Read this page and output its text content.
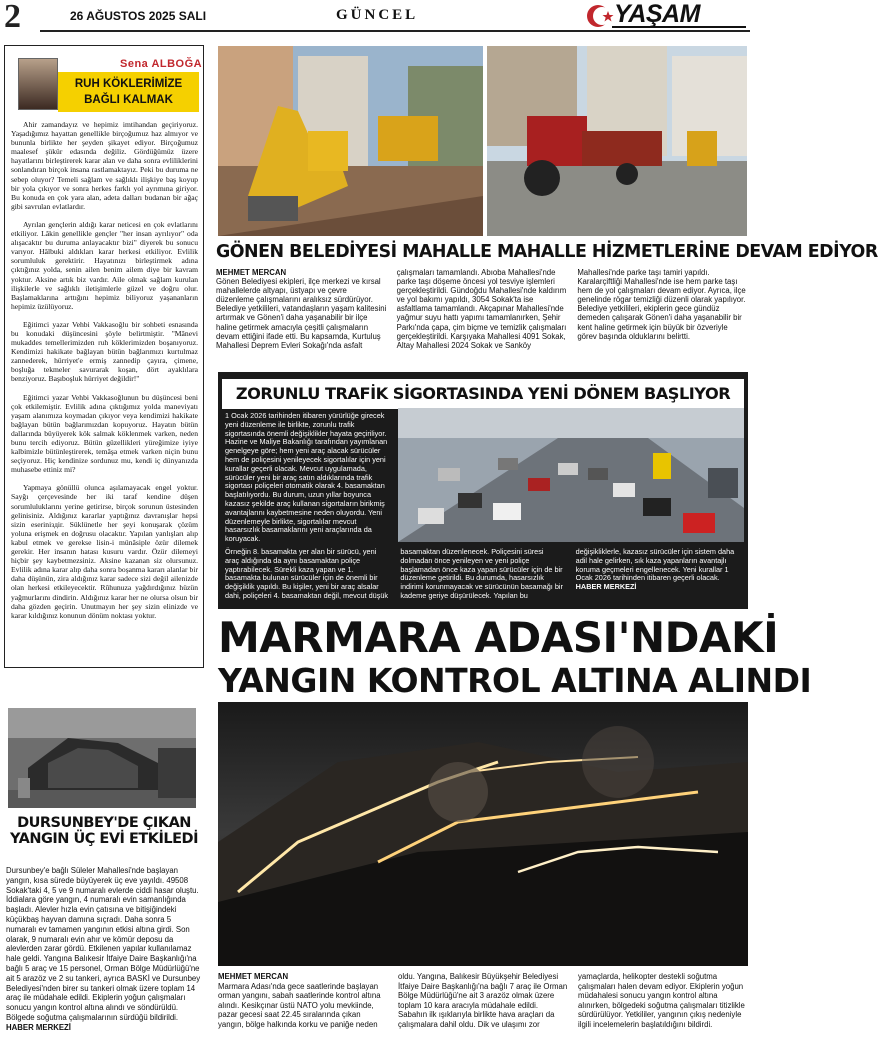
2	26 AĞUSTOS 2025 SALI	GÜNCEL	YAŞAM
Sena ALBOĞA
RUH KÖKLERİMİZE BAĞLI KALMAK

Ahir zamandayız ve hepimiz imtihandan geçiriyoruz. Yaşadığımız hayattan genellikle birçoğumuz haz almıyor ve bununla birlikte her şeyden şikayet ediyor. Birçoğumuz maalesef şükür edasında değiliz. Gördüğümüz üzere hayatlarını birleştirerek karar alan ve daha sonra evliliklerini sonlandıran birçok insana rastlamaktayız. Peki bu duruma ne sebep oluyor? Temeli sağlam ve sağlıklı ilişkiye baş koyup bir yola çıkıyor ve sonra herkes farklı yol ayrımına giriyor. Bu konuda en çok yara alan, adeta dalları budanan bir ağaç gibi savrulan evlatlardır.

Ayrılan gençlerin aldığı karar neticesi en çok evlatlarını etkiliyor. Lâkin genellikle gençler "her insan ayrılıyor" oda alışacaktır bu duruma anlayacaktır bizi" diyerek bu sonucu varıyor. Hâlbuki aldıkları karar herkesi etkiliyor. Evlilik sorumluluk gerektirir. Hayatınızı birleştirmek adına çıktığınız yolda, senin ailen benim ailem diye bir kavram yoktur. Aksine artık biz vardır. Aile olmak sağlam kurulan ilişkilerle ve sağlıklı iletişimlerle güzel ve doğru olur. Başlamaklarına arttığını hepimiz biliyoruz yaşananların hepimiz üzülüyoruz.

Eğitimci yazar Vehbi Vakkasoğlu bir sohbeti esnasında bu konudaki düşüncesini şöyle belirtmiştir. "Mânevi mukaddes temellerimizden ruh köklerimizden boşanıyoruz. Kendimizi hakikate bağlayan bütün bağlarımızı kurtulmaz zannederek, hürriyet'e ermiş zannedip çayıra, çimene, boşluğa tekmeler savurarak koşan, dört ayaklılara benziyoruz. Başıboşluk hürriyet değildir!"

Eğitimci yazar Vehbi Vakkasoğlunun bu düşüncesi beni çok etkilemiştir. Evlilik adına çıktığımız yolda maneviyatı yaşam alanımıza koymadan çıkıyor veya kendimizi hakikate bağlayan bütün bağlarımızdan kopuyoruz. Hayatın bütün dallarında büyüyerek kök salmak köklenmek varken, neden bunu tercih ediyoruz. Bütün güzellikleri yüreğimize iyiye kalbimizle bütünleştirerek, temâşa etmek varken niçin bunu seçiyoruz. Hiç kendinize sordunuz mu, kendi iç dünyanızda muhasebe ettiniz mi?

Yapmaya gönüllü olunca aşılamayacak engel yoktur. Sayğı çerçevesinde her iki taraf kendine düşen sorumluluklarını yerine getirirse, birçok sorunun üstesinden gelinisiniz. Aldığınız kararlar yaptığınız davranışlar hepsi sizin eseriniздir. Süklünetle her şeyi konuşarak çözüm yoluna erişmek en doğrusu olacaktır. Yapılan yanlışları alıp kabul etmek ve gereksе lisin-i münâsiple özür dilemek gerekir. Her insanın hatası kusuru vardır. Özür dilemeyi hiçbir şey kaybetmezsiniz. Aksine kazanan siz olursunuz. Evlilik adına karar alıp daha sonra boşanma kararı alanlar bir daha düşünün, zira aldığınız karar sadece sizi değil ailenizde olan herkesi etkileyecektir. Rûhunuza yağdırdığınız hüzün yağmurlarını dindirin. Aldığınız karar her ne olursa olsun bir daha gözden geçirin. Unutmayın her şey sizin elinizde ve karar kıldığınız konunun dönüm noktası yoktur.

DURSUNBEY'DE ÇIKAN YANGIN ÜÇ EVİ ETKİLEDİ
Dursunbey'e bağlı Süleler Mahallesi'nde başlayan yangın, kısa sürede büyüyerek üç eve yayıldı. 49508 Sokak'taki 4, 5 ve 9 numaralı evlerde ciddi hasar oluştu. İddialara göre yangın, 4 numaralı evin samanlığında başladı. Alevler hızla evin çatısına ve bitişiğindeki küçükbaş hayvan damına sıçradı. Daha sonra 5 numaralı ev tamamen yangının etkisi altına girdi. Son olarak, 9 numaralı evin ahır ve kömür deposu da alevlerden zarar gördü. Etkilenen yapılar kullanılamaz hale geldi. Yangına Balıkesir İtfaiye Daire Başkanlığı'na bağlı 5 araç ve 15 personel, Orman Bölge Müdürlüğü'ne ait 5 arazöz ve 2 su tankeri, ayrıca BASKİ ve Dursunbey Belediyesi'nden birer su tankeri olmak üzere toplam 14 araç ile müdahale edildi. Ekiplerin yoğun çalışmaları sonucu yangın kontrol altına alındı ve söndürüldü. Bölgede soğutma çalışmalarının sürdüğü bildirildi. HABER MERKEZİ
GÖNEN BELEDİYESİ MAHALLE MAHALLE HİZMETLERİNE DEVAM EDİYOR
MEHMET MERCAN
Gönen Belediyesi ekipleri, ilçe merkezi ve kırsal mahallelerde altyapı, üstyapı ve çevre düzenleme çalışmalarını aralıksız sürdürüyor. Belediye yetkilileri, vatandaşların yaşam kalitesini artırmak ve Gönen'i daha yaşanabilir bir ilçe haline getirmek amacıyla çeşitli çalışmaların devam ettiğini ifade etti. Bu kapsamda, Kurtuluş Mahallesi Deprem Evleri Sokağı'nda asfalt çalışmaları tamamlandı. Abıoba Mahallesi'nde parke taşı döşeme öncesi yol tesviye işlemleri gerçekleştirildi. Gündoğdu Mahallesi'nde kaldırım ve yol bakımı yapıldı, 3054 Sokak'ta ise asfaltlama tamamlandı. Akçapınar Mahallesi'nde yağmur suyu hattı yapımı tamamlanırken, Şehir Parkı'nda çapa, çim biçme ve temizlik çalışmaları gerçekleştirildi. Karşıyaka Mahallesi 4091 Sokak, Altay Mahallesi 2024 Sokak ve Sanköy Mahallesi'nde parke taşı tamiri yapıldı. Karalarçiftliği Mahallesi'nde ise hem parke taşı hem de yol çalışmaları devam ediyor. Ayrıca, ilçe genelinde rögar temizliği düzenli olarak yapılıyor. Belediye yetkilileri, ekiplerin gece gündüz demeden çalışarak Gönen'i daha yaşanabilir bir kent haline getirmek için büyük bir özveriyle görev başında olduklarını belirtti.
ZORUNLU TRAFİK SİGORTASINDA YENİ DÖNEM BAŞLIYOR
1 Ocak 2026 tarihinden itibaren yürürlüğe girecek yeni düzenleme ile birlikte, zorunlu trafik sigortasında önemli değişiklikler hayata geçiriliyor. Hazine ve Maliye Bakanlığı tarafından yayımlanan genelgeye göre; hem yeni araç alacak sürücüler hem de poliçesini yenileyecek sigortalılar için yeni kurallar geçerli olacak. Mevcut uygulamada, sürücüler yeni bir araç satın aldıklarında trafik sigortası poliçeleri otomatik olarak 4. basamaktan başlatılıyordu. Bu durum, uzun yıllar boyunca kazasız şekilde araç kullanan sigortaların birikmiş avantajlarını kaybetmesine neden oluyordu. Yeni düzenlemeyle birlikte, sigortalılar mevcut hasarsızlık basamaklarını yeni araçlarında da koruyacak.
Örneğin 8. basamakta yer alan bir sürücü, yeni araç aldığında da aynı basamaktan poliçe yaptırabilecek. Sürekli kaza yapan ve 1. basamakta bulunan sürücüler için de önemli bir değişiklik yapıldı. Bu kişiler, yeni bir araç alsalar dahi, poliçeleri 4. basamaktan değil, mevcut düşük basamaktan düzenlenecek. Poliçesini süresi dolmadan önce yenileyen ve yeni poliçe başlamadan önce kaza yapan sürücüler için de bir düzenleme getirildi. Bu durumda, hasarsızlık indirimi korunmayacak ve sürücünün basamağı bir kademe geriye düşürülecek. Yapılan bu değişikliklerle, kazasız sürücüler için sistem daha adil hale gelirken, sık kaza yapanların avantajlı koruma geçmeleri engellenecek. Yeni kurallar 1 Ocak 2026 tarihinden itibaren geçerli olacak. HABER MERKEZİ
MARMARA ADASI'NDAKİ
YANGIN KONTROL ALTINA ALINDI
MEHMET MERCAN
Marmara Adası'nda gece saatlerinde başlayan orman yangını, sabah saatlerinde kontrol altına alındı. Kesikçınar üstü NATO yolu mevkiinde, pazar gecesi saat 22.45 sıralarında çıkan yangın, bölge halkında korku ve paniğe neden oldu. Yangına, Balıkesir Büyükşehir Belediyesi İtfaiye Daire Başkanlığı'na bağlı 7 araç ile Orman Bölge Müdürlüğü'ne ait 3 arazöz olmak üzere toplam 10 kara aracıyla müdahale edildi. Sabahın ilk ışıklarıyla birlikte hava araçları da çalışmalara dahil oldu. Dik ve ulaşımı zor yamaçlarda, helikopter destekli soğutma çalışmaları halen devam ediyor. Ekiplerin yoğun müdahalesi sonucu yangın kontrol altına alınırken, bölgedeki soğutma çalışmaları titizlikle sürdürülüyor. Yetkililer, yangının çıkış nedeniyle ilgili incelemelerin başlatıldığını bildirdi.
